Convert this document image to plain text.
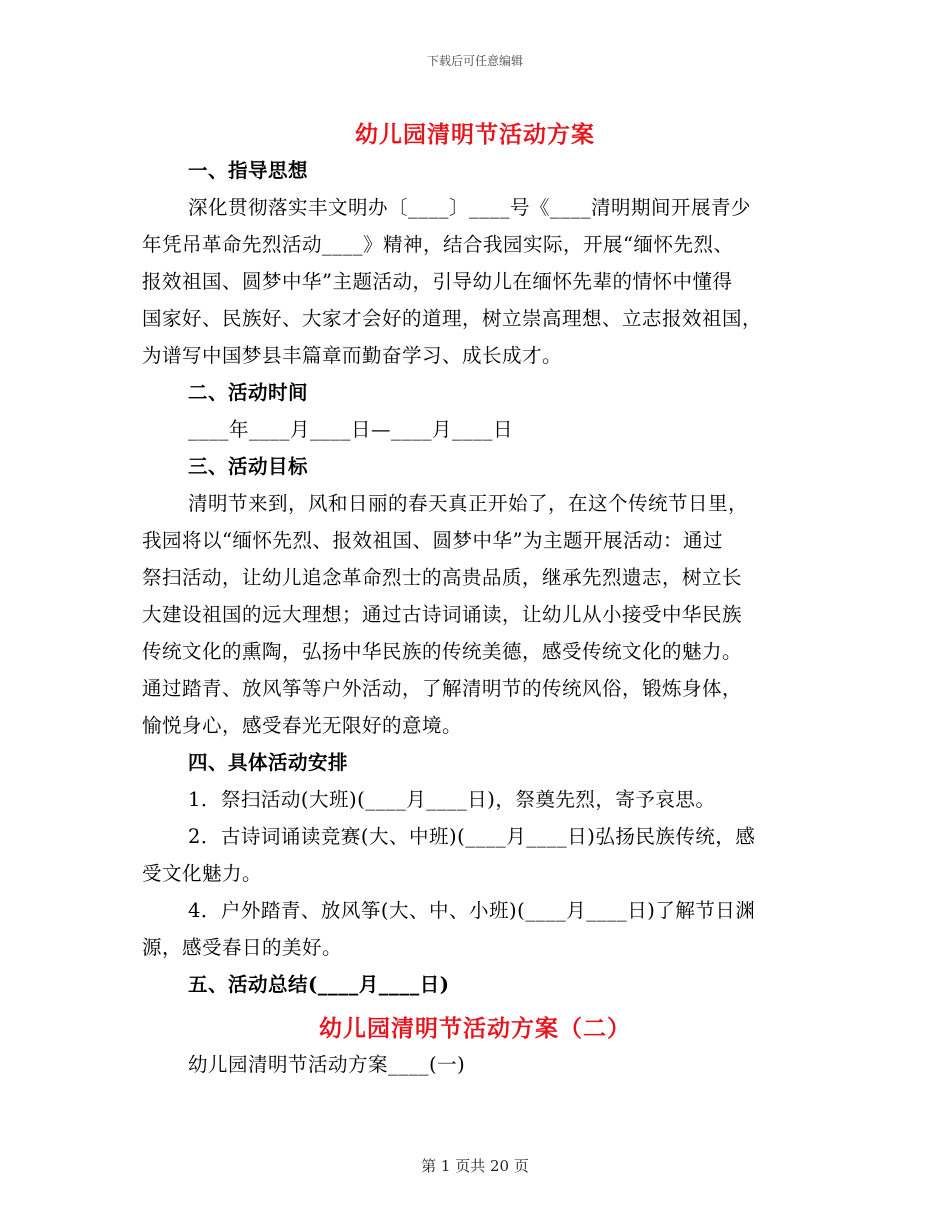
下载后可任意编辑
幼儿园清明节活动方案
一、指导思想
深化贯彻落实丰文明办〔____〕____号《____清明期间开展青少
年凭吊革命先烈活动____》精神，结合我园实际，开展“缅怀先烈、
报效祖国、圆梦中华”主题活动，引导幼儿在缅怀先辈的情怀中懂得
国家好、民族好、大家才会好的道理，树立崇高理想、立志报效祖国，
为谱写中国梦县丰篇章而勤奋学习、成长成才。
二、活动时间
____年____月____日—____月____日
三、活动目标
清明节来到，风和日丽的春天真正开始了，在这个传统节日里，
我园将以“缅怀先烈、报效祖国、圆梦中华”为主题开展活动：通过
祭扫活动，让幼儿追念革命烈士的高贵品质，继承先烈遗志，树立长
大建设祖国的远大理想；通过古诗词诵读，让幼儿从小接受中华民族
传统文化的熏陶，弘扬中华民族的传统美德，感受传统文化的魅力。
通过踏青、放风筝等户外活动，了解清明节的传统风俗，锻炼身体，
愉悦身心，感受春光无限好的意境。
四、具体活动安排
1．祭扫活动(大班)(____月____日)，祭奠先烈，寄予哀思。
2．古诗词诵读竞赛(大、中班)(____月____日)弘扬民族传统，感
受文化魅力。
4．户外踏青、放风筝(大、中、小班)(____月____日)了解节日渊
源，感受春日的美好。
五、活动总结(____月____日)
幼儿园清明节活动方案（二）
幼儿园清明节活动方案____(一)
第 1 页共 20 页
